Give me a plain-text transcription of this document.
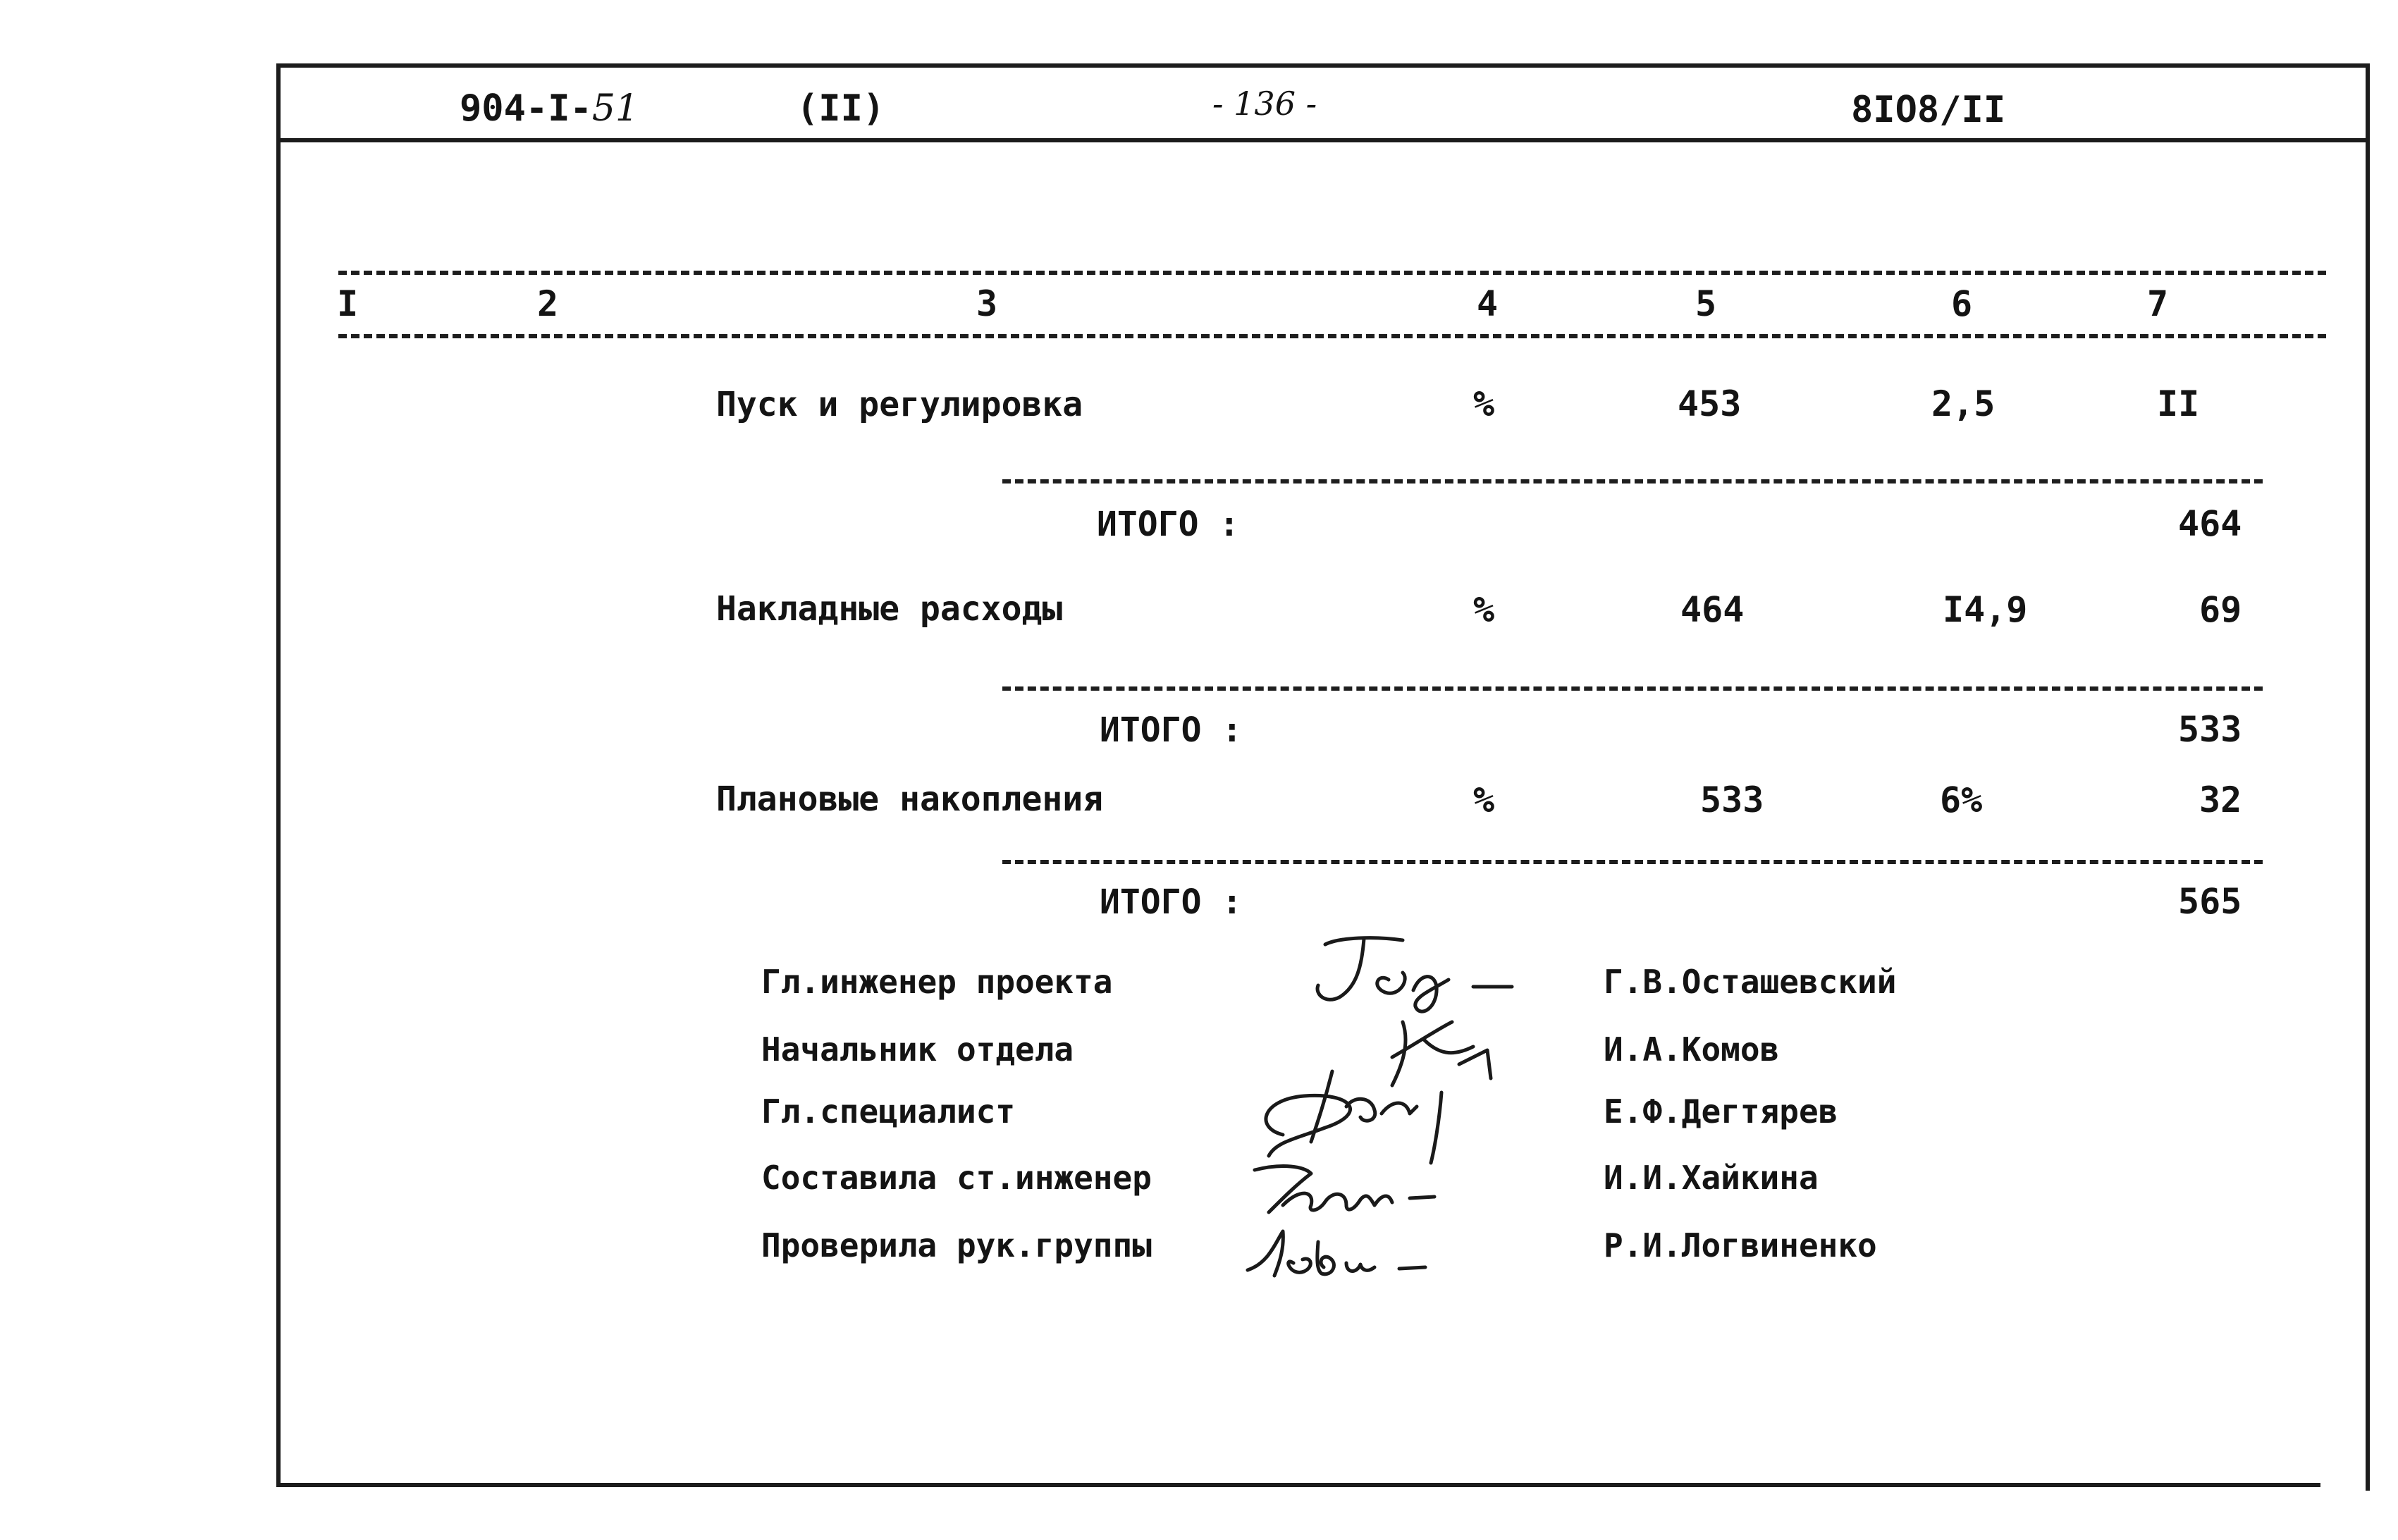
904-I-51	(II)	- 136 -	8IO8/II
I	2	3	4	5	6	7
Пуск и регулировка	%	453	2,5	II
ИТОГО :	464
Накладные расходы	%	464	I4,9	69
ИТОГО :	533
Плановые накопления	%	533	6%	32
ИТОГО :	565
Гл.инженер проекта	Г.В.Осташевский
Начальник отдела	И.А.Комов
Гл.специалист	Е.Ф.Дегтярев
Составила ст.инженер	И.И.Хайкина
Проверила рук.группы	Р.И.Логвиненко
